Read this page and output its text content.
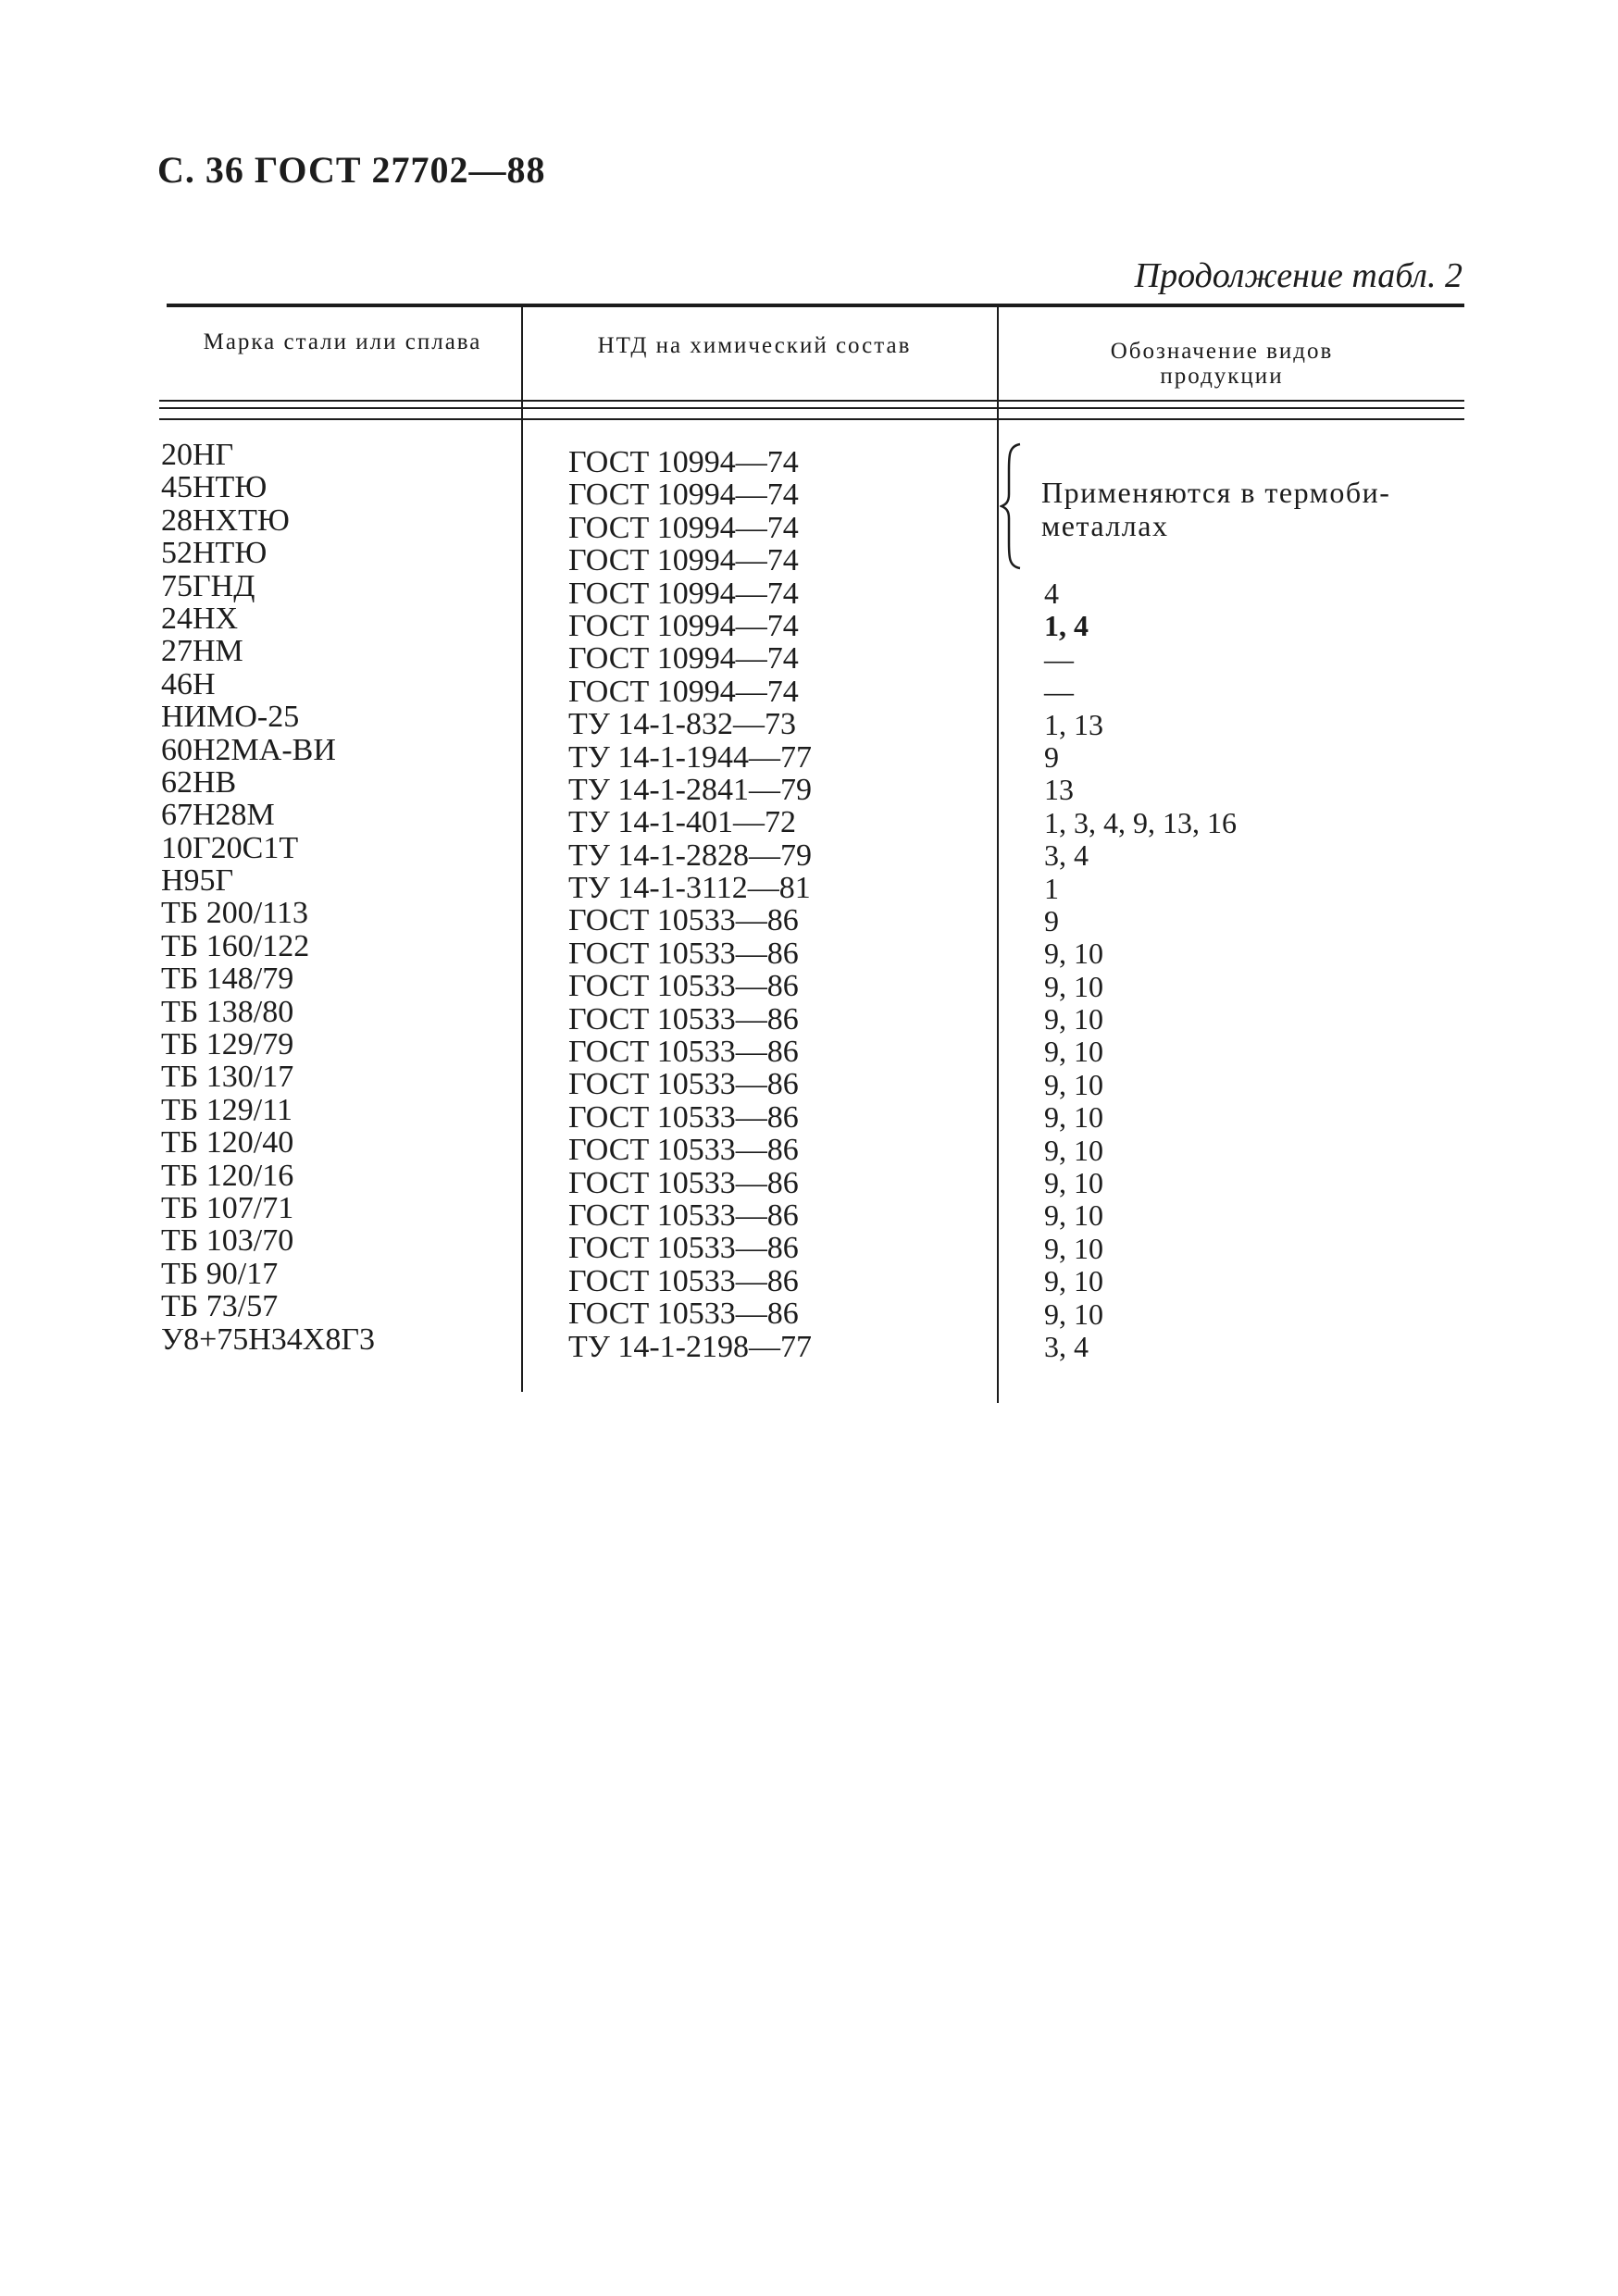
С. 36 ГОСТ 27702—88
Продолжение табл. 2
Марка стали или сплава	НТД на химический состав	Обозначение видов продукции
20НГ
45НТЮ
28НХТЮ
52НТЮ
75ГНД
24НХ
27НМ
46Н
НИМО-25
60Н2МА-ВИ
62НВ
67Н28М
10Г20С1Т
Н95Г
ТБ 200/113
ТБ 160/122
ТБ 148/79
ТБ 138/80
ТБ 129/79
ТБ 130/17
ТБ 129/11
ТБ 120/40
ТБ 120/16
ТБ 107/71
ТБ 103/70
ТБ 90/17
ТБ 73/57
У8+75Н34Х8Г3
ГОСТ 10994—74
ГОСТ 10994—74
ГОСТ 10994—74
ГОСТ 10994—74
ГОСТ 10994—74
ГОСТ 10994—74
ГОСТ 10994—74
ГОСТ 10994—74
ТУ 14-1-832—73
ТУ 14-1-1944—77
ТУ 14-1-2841—79
ТУ 14-1-401—72
ТУ 14-1-2828—79
ТУ 14-1-3112—81
ГОСТ 10533—86
ГОСТ 10533—86
ГОСТ 10533—86
ГОСТ 10533—86
ГОСТ 10533—86
ГОСТ 10533—86
ГОСТ 10533—86
ГОСТ 10533—86
ГОСТ 10533—86
ГОСТ 10533—86
ГОСТ 10533—86
ГОСТ 10533—86
ГОСТ 10533—86
ТУ 14-1-2198—77
Применяются в термоби-
металлах
4
1, 4
—
—
1, 13
9
13
1, 3, 4, 9, 13, 16
3, 4
1
9
9, 10
9, 10
9, 10
9, 10
9, 10
9, 10
9, 10
9, 10
9, 10
9, 10
9, 10
9, 10
3, 4
